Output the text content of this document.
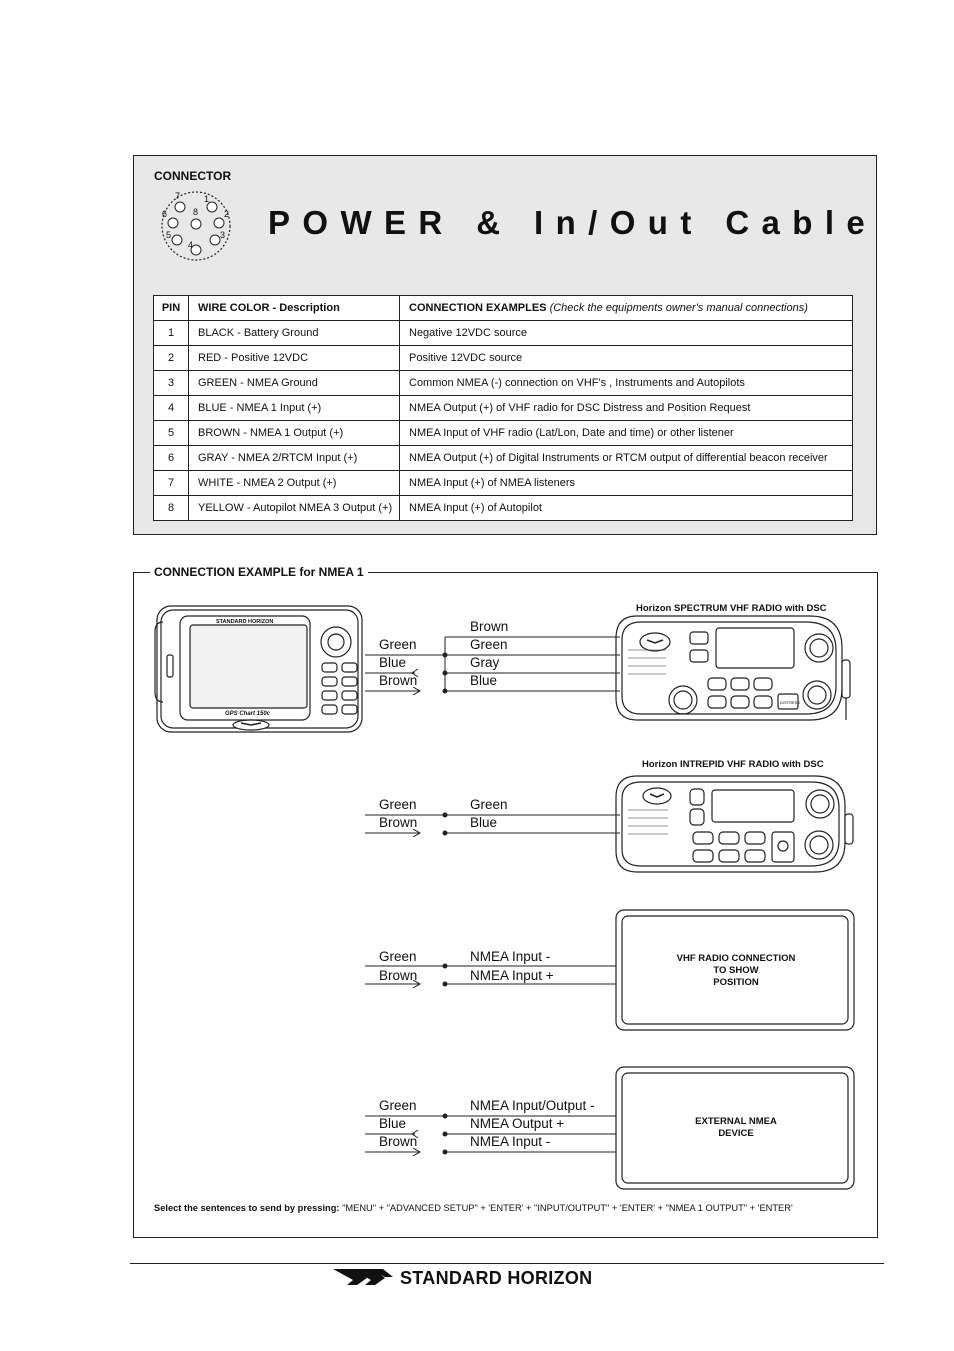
CONNECTOR
1
2
3
4
5
6
7
8 POWER & In/Out Cable
PIN	WIRE COLOR - Description	CONNECTION EXAMPLES (Check the equipments owner's manual connections)
1	BLACK - Battery Ground	Negative 12VDC source
2	RED - Positive 12VDC	Positive 12VDC source
3	GREEN - NMEA Ground	Common NMEA (-) connection on VHF's , Instruments and Autopilots
4	BLUE - NMEA 1 Input (+)	NMEA Output (+) of VHF radio for DSC Distress and Position Request
5	BROWN - NMEA 1 Output (+)	NMEA Input of VHF radio (Lat/Lon, Date and time) or other listener
6	GRAY - NMEA 2/RTCM Input (+)	NMEA Output (+) of Digital Instruments or RTCM output of differential beacon receiver
7	WHITE - NMEA 2 Output (+)	NMEA Input (+) of NMEA listeners
8	YELLOW - Autopilot NMEA 3 Output (+)	NMEA Input (+) of Autopilot
CONNECTION EXAMPLE for NMEA 1
STANDARD HORIZON
GPS Chart 150c
DISTRESS
Horizon SPECTRUM VHF RADIO with DSC
Green
Blue
Brown
Brown
Green
Gray
Blue
Horizon INTREPID VHF RADIO with DSC
Green
Brown
Green
Blue
Green
Brown
NMEA Input -
NMEA Input +
VHF RADIO CONNECTION
TO SHOW
POSITION
Green
Blue
Brown
NMEA Input/Output -
NMEA Output +
NMEA Input -
EXTERNAL NMEA
DEVICE
Select the sentences to send by pressing: "MENU" + "ADVANCED SETUP" + 'ENTER' + "INPUT/OUTPUT" + 'ENTER' + "NMEA 1 OUTPUT" + 'ENTER'
STANDARD HORIZON
